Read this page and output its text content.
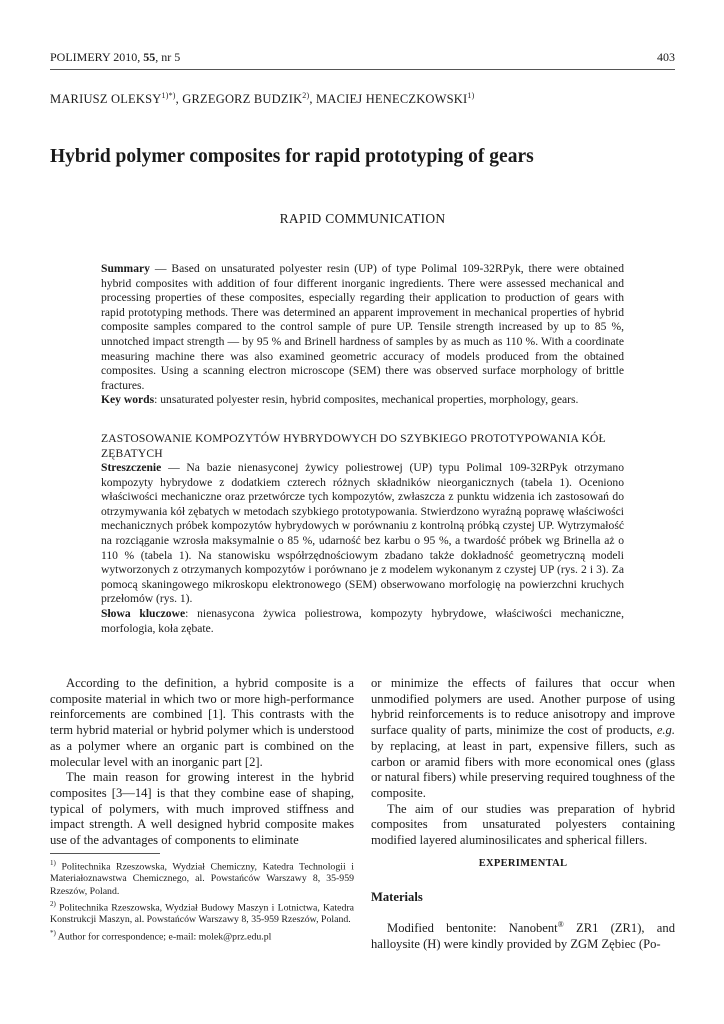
POLIMERY 2010, 55, nr 5	403
MARIUSZ $OLEKSY^{1)*)}$, GRZEGORZ BUDZIK$^{2)}$, MACIEJ HENECZKOWSKI$^{1)}$
Hybrid polymer composites for rapid prototyping of gears
RAPID COMMUNICATION
Summary — Based on unsaturated polyester resin (UP) of type Polimal 109-32RPyk, there were obtained hybrid composites with addition of four different inorganic ingredients. There were assessed mechanical and processing properties of these composites, especially regarding their application to production of gears with rapid prototyping methods. There was determined an apparent improvement in mechanical properties of hybrid composite samples compared to the control sample of pure UP. Tensile strength increased by up to 85 %, unnotched impact strength — by 95 % and Brinell hardness of samples by as much as 110 %. With a coordinate measuring machine there was also examined geometric accuracy of models produced from the obtained composites. Using a scanning electron microscope (SEM) there was observed surface morphology of brittle fractures.
Key words: unsaturated polyester resin, hybrid composites, mechanical properties, morphology, gears.
ZASTOSOWANIE KOMPOZYTÓW HYBRYDOWYCH DO SZYBKIEGO PROTOTYPOWANIA KÓŁ ZĘBATYCH
Streszczenie — Na bazie nienasyconej żywicy poliestrowej (UP) typu Polimal 109-32RPyk otrzymano kompozyty hybrydowe z dodatkiem czterech różnych składników nieorganicznych (tabela 1). Oceniono właściwości mechaniczne oraz przetwórcze tych kompozytów, zwłaszcza z punktu widzenia ich zastosowań do otrzymywania kół zębatych w metodach szybkiego prototypowania. Stwierdzono wyraźną poprawę właściwości mechanicznych próbek kompozytów hybrydowych w porównaniu z kontrolną próbką czystej UP. Wytrzymałość na rozciąganie wzrosła maksymalnie o 85 %, udarność bez karbu o 95 %, a twardość próbek wg Brinella aż o 110 % (tabela 1). Na stanowisku współrzędnościowym zbadano także dokładność geometryczną modeli wytworzonych z otrzymanych kompozytów i porównano je z modelem wykonanym z czystej UP (rys. 2 i 3). Za pomocą skaningowego mikroskopu elektronowego (SEM) obserwowano morfologię na powierzchni kruchych przełomów (rys. 1).
Słowa kluczowe: nienasycona żywica poliestrowa, kompozyty hybrydowe, właściwości mechaniczne, morfologia, koła zębate.

According to the definition, a hybrid composite is a composite material in which two or more high-performance reinforcements are combined [1]. This contrasts with the term hybrid material or hybrid polymer which is understood as a polymer where an organic part is combined on the molecular level with an inorganic part [2].

The main reason for growing interest in the hybrid composites [3—14] is that they combine ease of shaping, typical of polymers, with much improved stiffness and impact strength. A well designed hybrid composite makes use of the advantages of components to eliminate

or minimize the effects of failures that occur when unmodified polymers are used. Another purpose of using hybrid reinforcements is to reduce anisotropy and improve surface quality of parts, minimize the cost of products, e.g. by replacing, at least in part, expensive fillers, such as carbon or aramid fibers with more economical ones (glass or natural fibers) while preserving required toughness of the composite.

The aim of our studies was preparation of hybrid composites from unsaturated polyesters containing modified layered aluminosilicates and spherical fillers.

$^{1)}$ Politechnika Rzeszowska, Wydział Chemiczny, Katedra Technologii i Materiałoznawstwa Chemicznego, al. Powstańców Warszawy 8, 35-959 Rzeszów, Poland.
$^{2)}$ Politechnika Rzeszowska, Wydział Budowy Maszyn i Lotnictwa, Katedra Konstrukcji Maszyn, al. Powstańców Warszawy 8, 35-959 Rzeszów, Poland.
*) Author for correspondence; e-mail: molek@prz.edu.pl
EXPERIMENTAL
Materials

Modified bentonite: Nanobent® ZR1 (ZR1), and halloysite (H) were kindly provided by ZGM Zębiec (Po-
